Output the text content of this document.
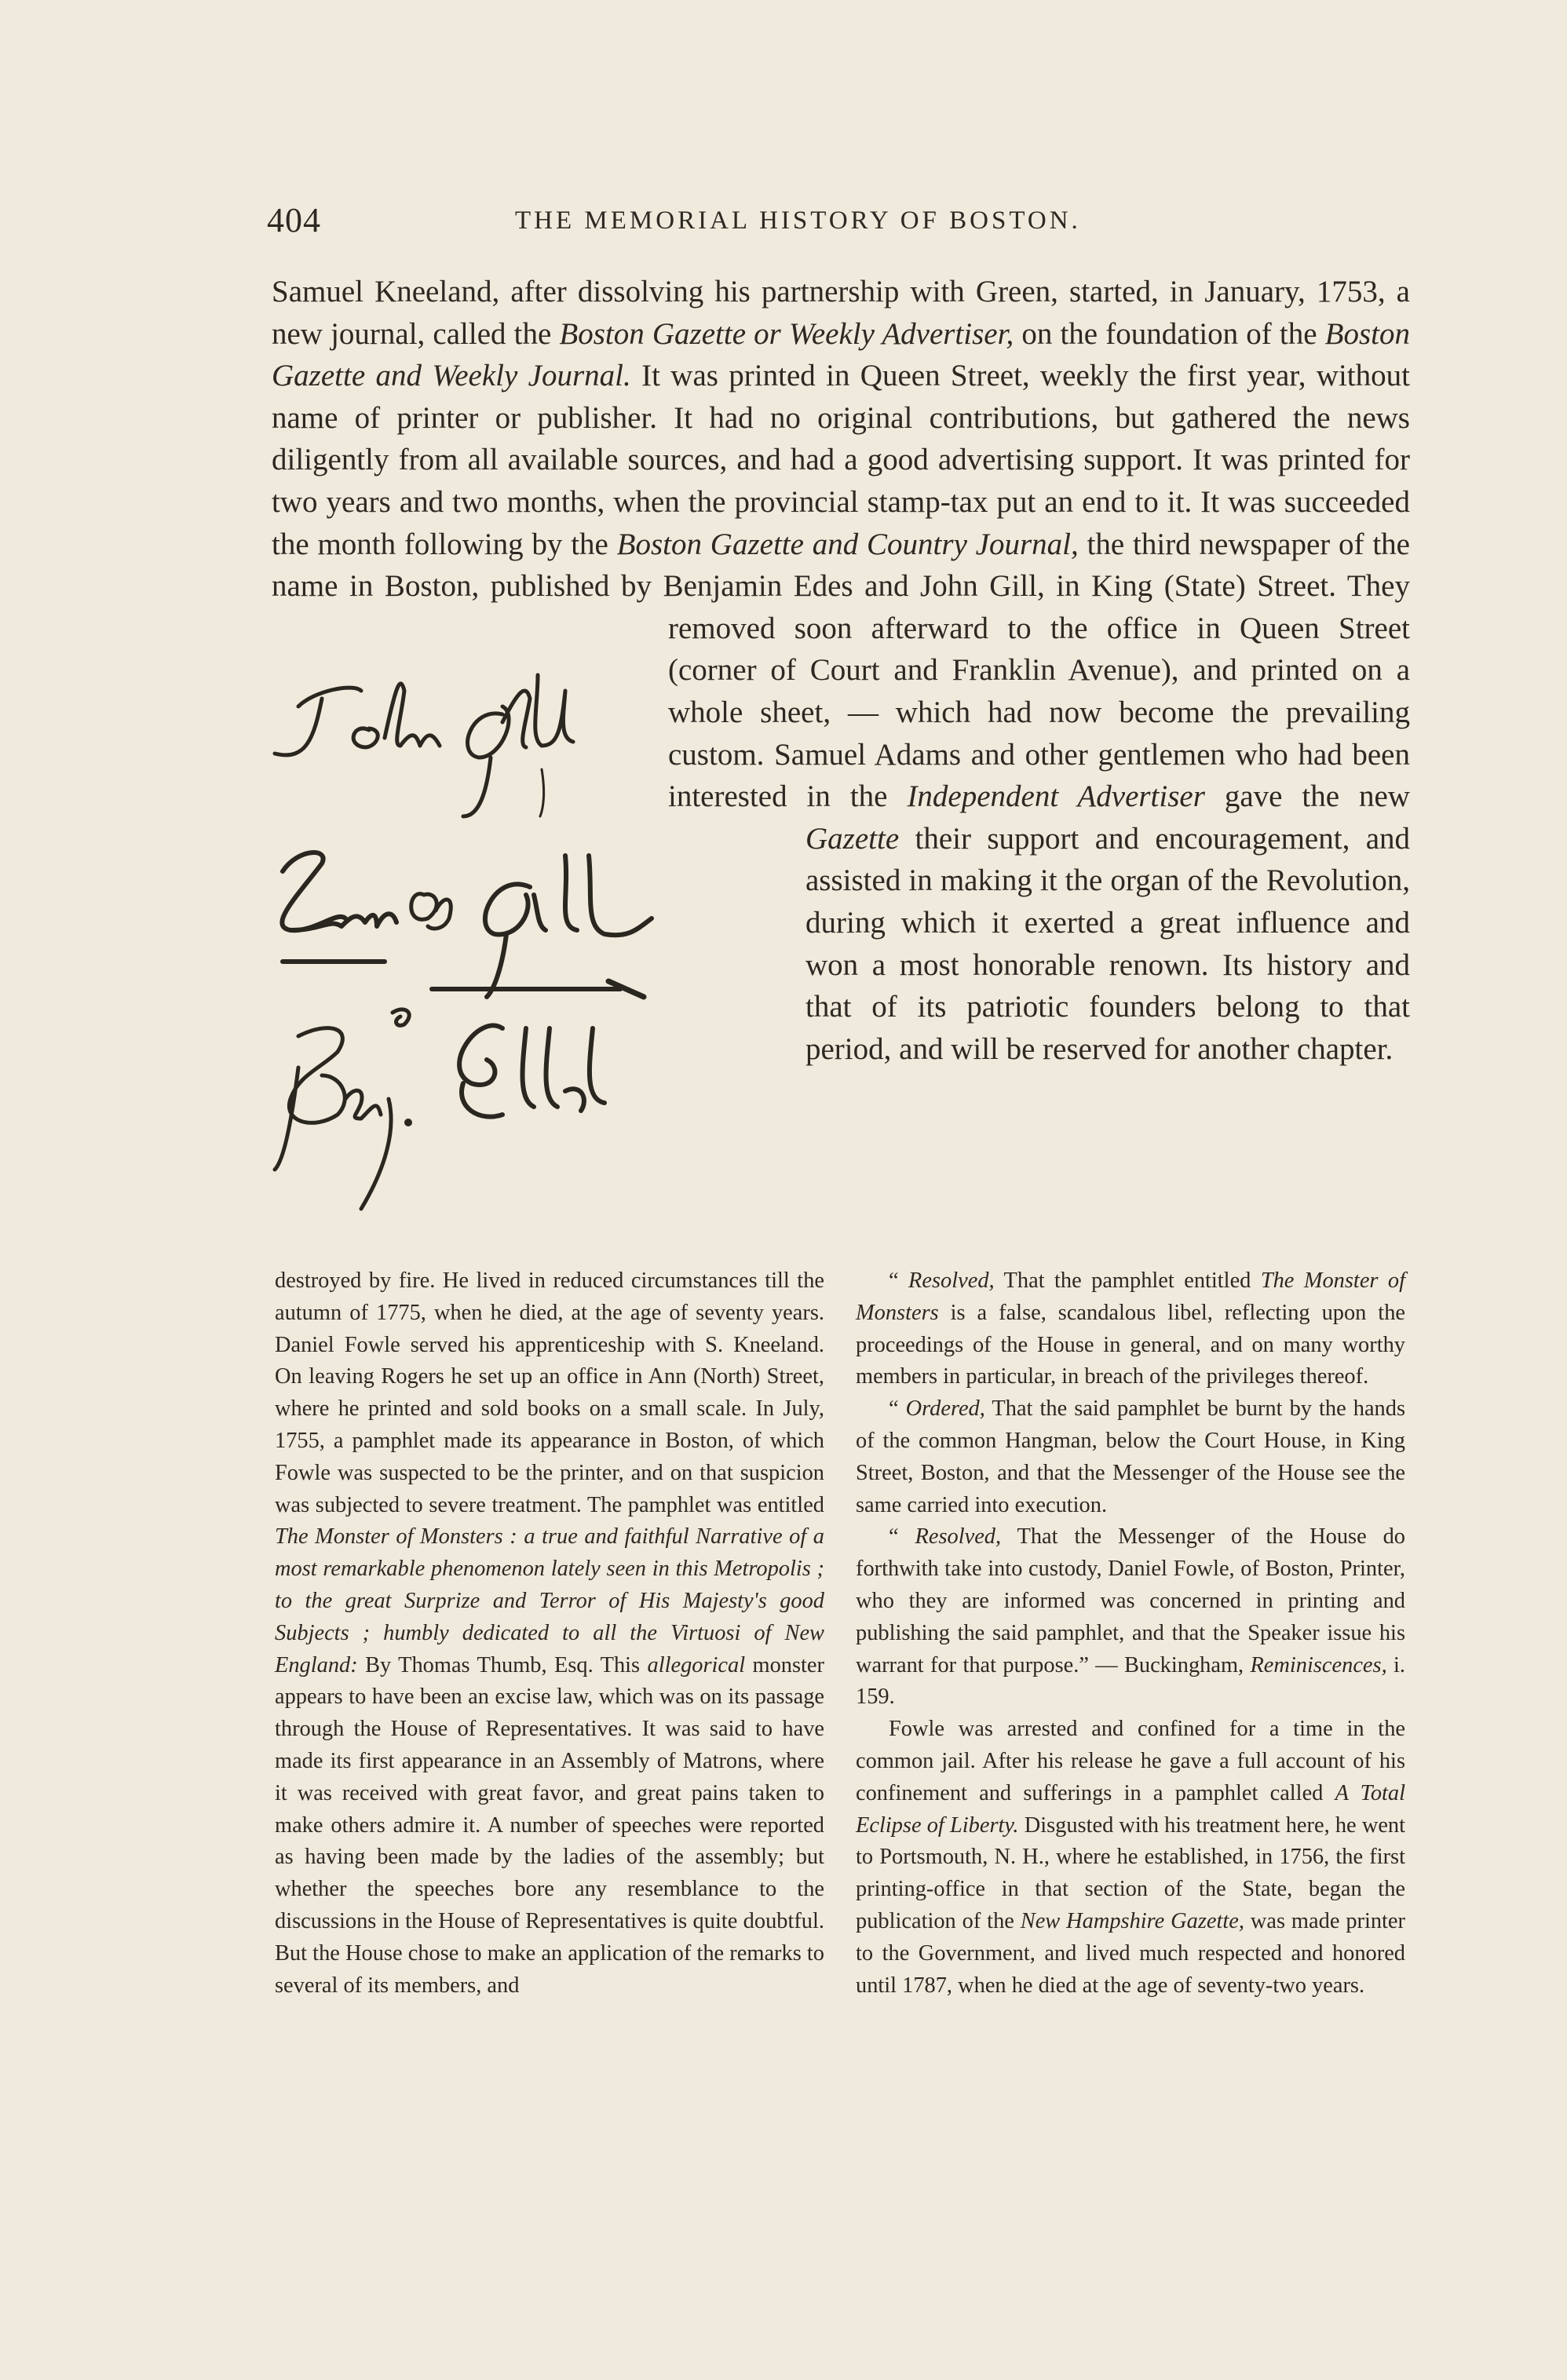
404	THE MEMORIAL HISTORY OF BOSTON.

Samuel Kneeland, after dissolving his partnership with Green, started, in January, 1753, a new journal, called the Boston Gazette or Weekly Advertiser, on the foundation of the Boston Gazette and Weekly Journal. It was printed in Queen Street, weekly the first year, without name of printer or publisher. It had no original contributions, but gathered the news diligently from all available sources, and had a good advertising support. It was printed for two years and two months, when the provincial stamp-tax put an end to it. It was succeeded the month following by the Boston Gazette and Country Journal, the third newspaper of the name in Boston, published by Benjamin Edes and John Gill, in King (State) Street. They removed soon afterward to the office in Queen Street (corner of Court and Franklin Avenue), and printed on a whole sheet, — which had now become the prevailing custom. Samuel Adams and other gentlemen who had been interested in the Independent Advertiser gave the new Gazette their support and encouragement, and assisted in making it the organ of the Revolution, during which it exerted a great influence and won a most honorable renown. Its history and that of its patriotic founders belong to that period, and will be reserved for another chapter.

destroyed by fire. He lived in reduced circumstances till the autumn of 1775, when he died, at the age of seventy years. Daniel Fowle served his apprenticeship with S. Kneeland. On leaving Rogers he set up an office in Ann (North) Street, where he printed and sold books on a small scale. In July, 1755, a pamphlet made its appearance in Boston, of which Fowle was suspected to be the printer, and on that suspicion was subjected to severe treatment. The pamphlet was entitled The Monster of Monsters : a true and faithful Narrative of a most remarkable phenomenon lately seen in this Metropolis ; to the great Surprize and Terror of His Majesty's good Subjects ; humbly dedicated to all the Virtuosi of New England: By Thomas Thumb, Esq. This allegorical monster appears to have been an excise law, which was on its passage through the House of Representatives. It was said to have made its first appearance in an Assembly of Matrons, where it was received with great favor, and great pains taken to make others admire it. A number of speeches were reported as having been made by the ladies of the assembly; but whether the speeches bore any resemblance to the discussions in the House of Representatives is quite doubtful. But the House chose to make an application of the remarks to several of its members, and

“ Resolved, That the pamphlet entitled The Monster of Monsters is a false, scandalous libel, reflecting upon the proceedings of the House in general, and on many worthy members in particular, in breach of the privileges thereof.

“ Ordered, That the said pamphlet be burnt by the hands of the common Hangman, below the Court House, in King Street, Boston, and that the Messenger of the House see the same carried into execution.

“ Resolved, That the Messenger of the House do forthwith take into custody, Daniel Fowle, of Boston, Printer, who they are informed was concerned in printing and publishing the said pamphlet, and that the Speaker issue his warrant for that purpose.” — Buckingham, Reminiscences, i. 159.

Fowle was arrested and confined for a time in the common jail. After his release he gave a full account of his confinement and sufferings in a pamphlet called A Total Eclipse of Liberty. Disgusted with his treatment here, he went to Portsmouth, N. H., where he established, in 1756, the first printing-office in that section of the State, began the publication of the New Hampshire Gazette, was made printer to the Government, and lived much respected and honored until 1787, when he died at the age of seventy-two years.
